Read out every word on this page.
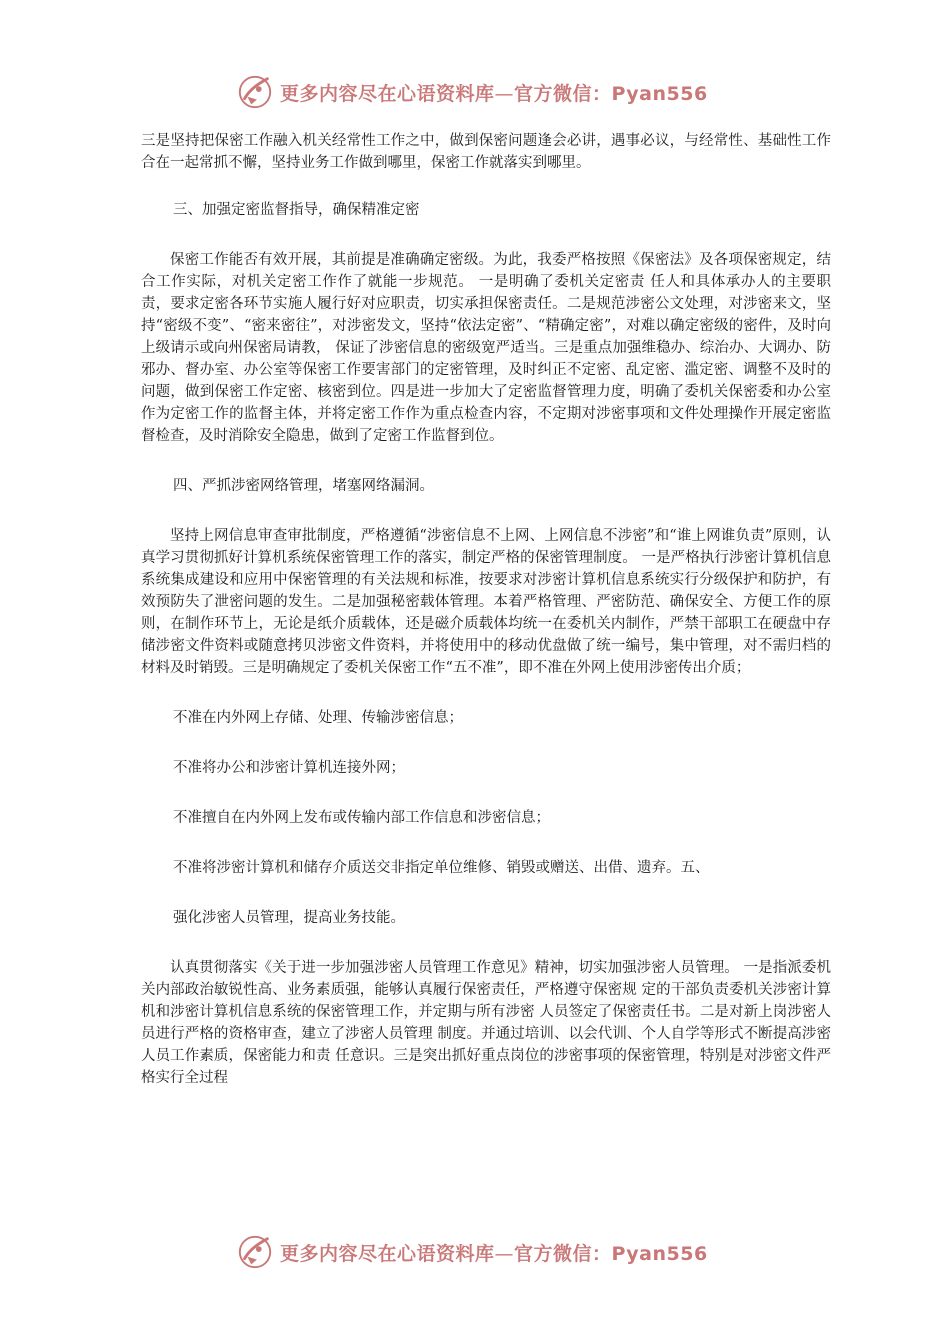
更多内容尽在心语资料库—官方微信：Pyan556

三是坚持把保密工作融入机关经常性工作之中，做到保密问题逢会必讲，遇事必议，与经常性、基础性工作合在一起常抓不懈，坚持业务工作做到哪里，保密工作就落实到哪里。

三、加强定密监督指导，确保精准定密

保密工作能否有效开展，其前提是准确确定密级。为此，我委严格按照《保密法》及各项保密规定，结合工作实际，对机关定密工作作了就能一步规范。 一是明确了委机关定密责 任人和具体承办人的主要职责，要求定密各环节实施人履行好对应职责，切实承担保密责任。二是规范涉密公文处理，对涉密来文，坚持“密级不变”、“密来密往”，对涉密发文，坚持“依法定密”、“精确定密”，对难以确定密级的密件，及时向上级请示或向州保密局请教， 保证了涉密信息的密级宽严适当。三是重点加强维稳办、综治办、大调办、防邪办、督办室、办公室等保密工作要害部门的定密管理，及时纠正不定密、乱定密、滥定密、调整不及时的问题，做到保密工作定密、核密到位。四是进一步加大了定密监督管理力度，明确了委机关保密委和办公室作为定密工作的监督主体，并将定密工作作为重点检查内容，不定期对涉密事项和文件处理操作开展定密监督检查，及时消除安全隐患，做到了定密工作监督到位。

四、严抓涉密网络管理，堵塞网络漏洞。

坚持上网信息审查审批制度，严格遵循“涉密信息不上网、上网信息不涉密”和“谁上网谁负责”原则，认真学习贯彻抓好计算机系统保密管理工作的落实，制定严格的保密管理制度。 一是严格执行涉密计算机信息系统集成建设和应用中保密管理的有关法规和标准，按要求对涉密计算机信息系统实行分级保护和防护，有效预防失了泄密问题的发生。二是加强秘密载体管理。本着严格管理、严密防范、确保安全、方便工作的原则，在制作环节上，无论是纸介质载体，还是磁介质载体均统一在委机关内制作，严禁干部职工在硬盘中存储涉密文件资料或随意拷贝涉密文件资料，并将使用中的移动优盘做了统一编号，集中管理，对不需归档的材料及时销毁。三是明确规定了委机关保密工作“五不准”，即不准在外网上使用涉密传出介质；

不准在内外网上存储、处理、传输涉密信息；

不准将办公和涉密计算机连接外网；

不准擅自在内外网上发布或传输内部工作信息和涉密信息；

不准将涉密计算机和储存介质送交非指定单位维修、销毁或赠送、出借、遗弃。五、

强化涉密人员管理，提高业务技能。

认真贯彻落实《关于进一步加强涉密人员管理工作意见》精神，切实加强涉密人员管理。 一是指派委机关内部政治敏锐性高、业务素质强，能够认真履行保密责任，严格遵守保密规 定的干部负责委机关涉密计算机和涉密计算机信息系统的保密管理工作，并定期与所有涉密 人员签定了保密责任书。二是对新上岗涉密人员进行严格的资格审查，建立了涉密人员管理 制度。并通过培训、以会代训、个人自学等形式不断提高涉密人员工作素质，保密能力和责 任意识。三是突出抓好重点岗位的涉密事项的保密管理，特别是对涉密文件严格实行全过程

更多内容尽在心语资料库—官方微信：Pyan556
